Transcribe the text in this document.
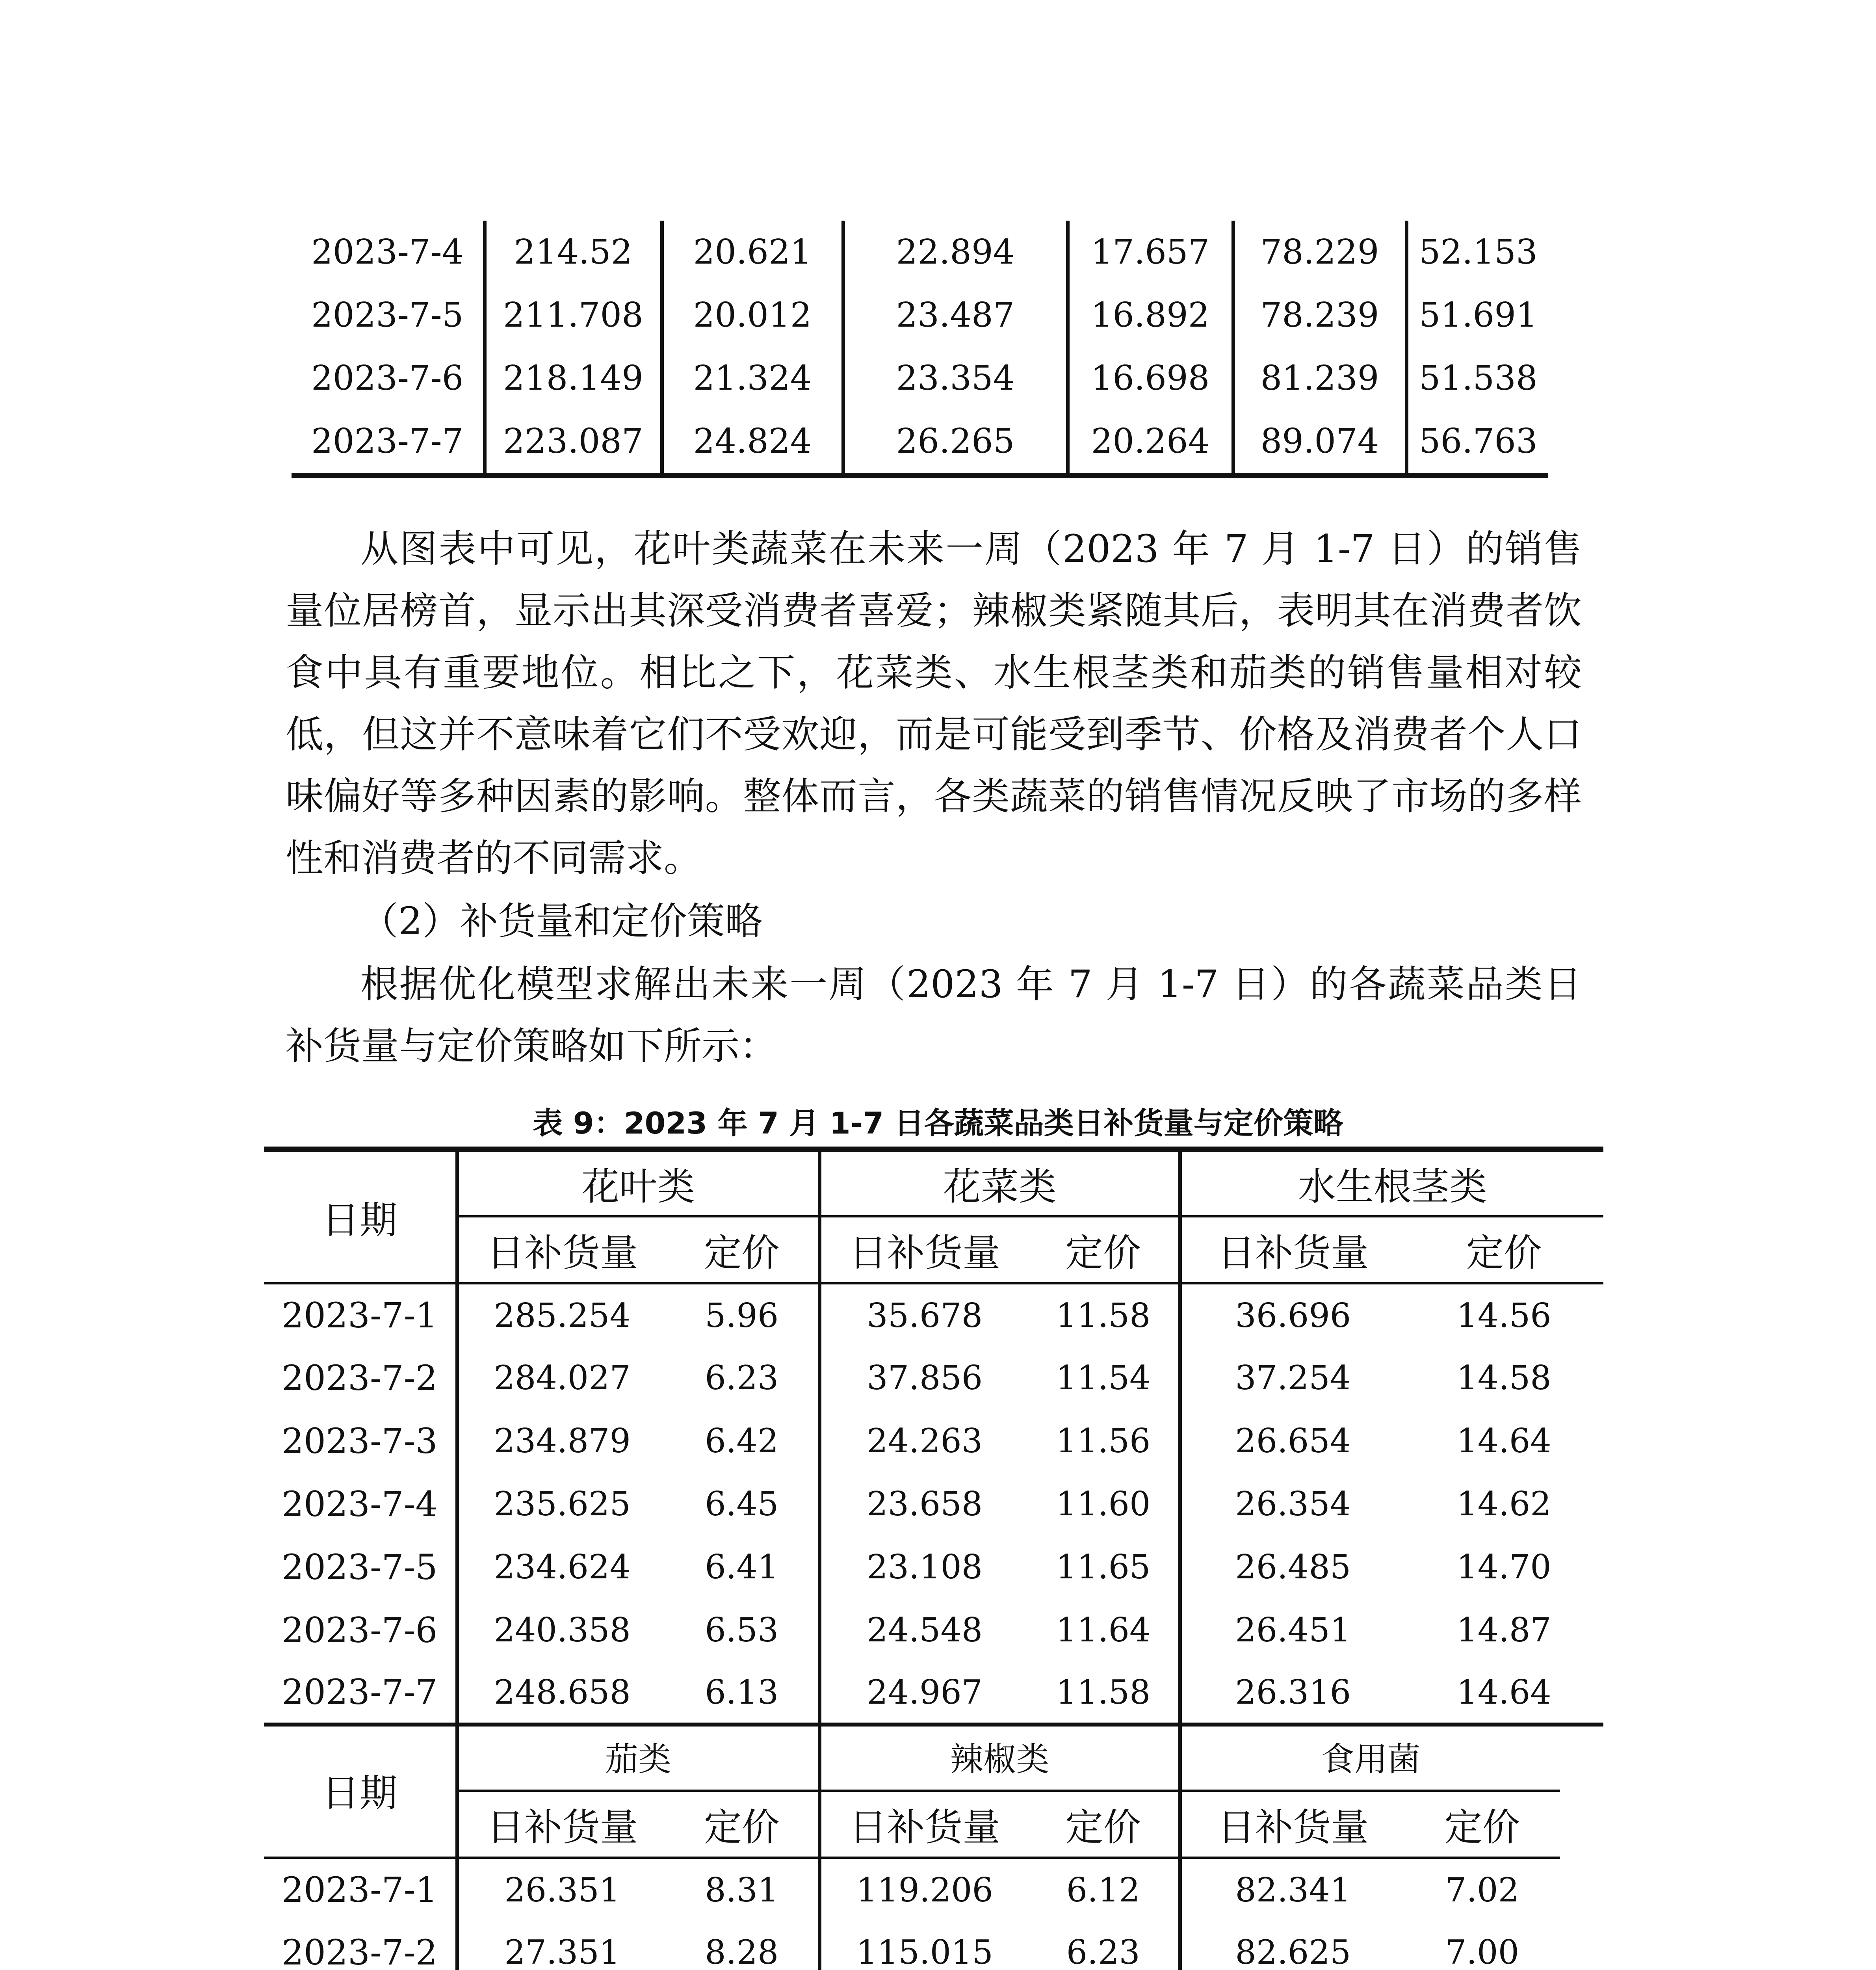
2023-7-4	214.52	20.621	22.894	17.657	78.229	52.153
2023-7-5	211.708	20.012	23.487	16.892	78.239	51.691
2023-7-6	218.149	21.324	23.354	16.698	81.239	51.538
2023-7-7	223.087	24.824	26.265	20.264	89.074	56.763

从图表中可见，花叶类蔬菜在未来一周（2023 年 7 月 1-7 日）的销售量位居榜首，显示出其深受消费者喜爱；辣椒类紧随其后，表明其在消费者饮食中具有重要地位。相比之下，花菜类、水生根茎类和茄类的销售量相对较低，但这并不意味着它们不受欢迎，而是可能受到季节、价格及消费者个人口味偏好等多种因素的影响。整体而言，各类蔬菜的销售情况反映了市场的多样性和消费者的不同需求。

（2）补货量和定价策略

根据优化模型求解出未来一周（2023 年 7 月 1-7 日）的各蔬菜品类日补货量与定价策略如下所示：

表 9：2023 年 7 月 1-7 日各蔬菜品类日补货量与定价策略
日期	花叶类		花菜类		水生根茎类	
	日补货量	定价	日补货量	定价	日补货量	定价
2023-7-1	285.254	5.96	35.678	11.58	36.696	14.56
2023-7-2	284.027	6.23	37.856	11.54	37.254	14.58
2023-7-3	234.879	6.42	24.263	11.56	26.654	14.64
2023-7-4	235.625	6.45	23.658	11.60	26.354	14.62
2023-7-5	234.624	6.41	23.108	11.65	26.485	14.70
2023-7-6	240.358	6.53	24.548	11.64	26.451	14.87
2023-7-7	248.658	6.13	24.967	11.58	26.316	14.64
日期	茄类		辣椒类		食用菌	
	日补货量	定价	日补货量	定价	日补货量	定价
2023-7-1	26.351	8.31	119.206	6.12	82.341	7.02
2023-7-2	27.351	8.28	115.015	6.23	82.625	7.00
